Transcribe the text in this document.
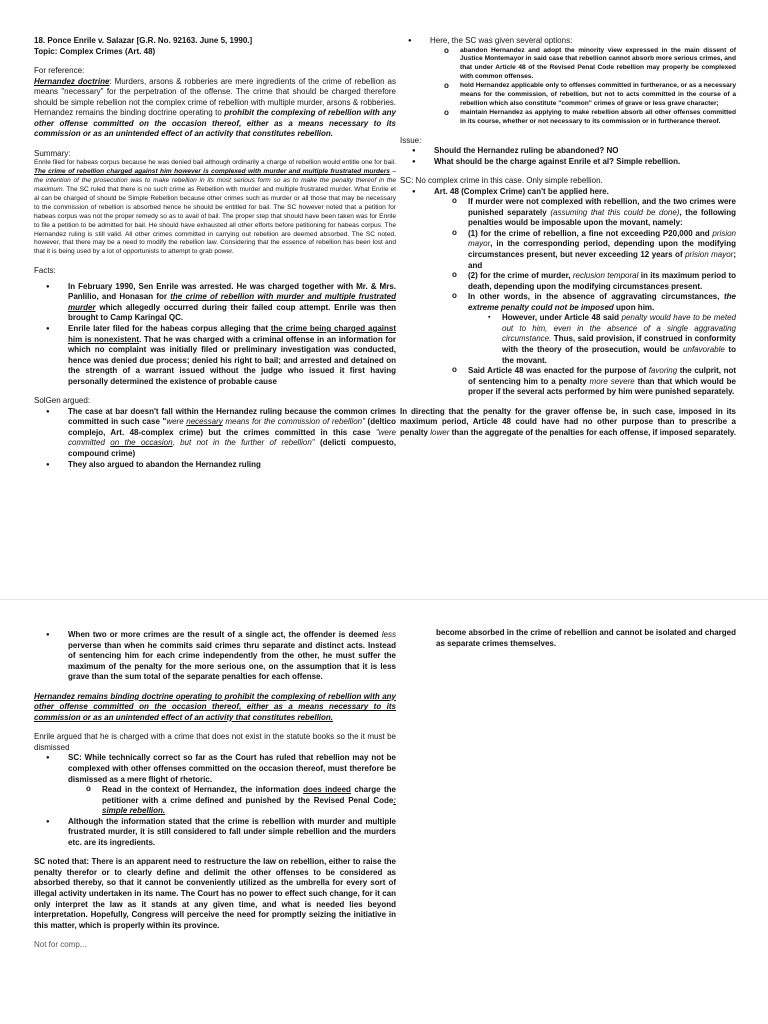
18. Ponce Enrile v. Salazar [G.R. No. 92163. June 5, 1990.]

Topic: Complex Crimes (Art. 48)

For reference:

Hernandez doctrine: Murders, arsons & robberies are mere ingredients of the crime of rebellion as means "necessary" for the perpetration of the offense. The crime that should be charged therefore should be simple rebellion not the complex crime of rebellion with multiple murder, arsons & robberies. Hernandez remains the binding doctrine operating to prohibit the complexing of rebellion with any other offense committed on the occasion thereof, either as a means necessary to its commission or as an unintended effect of an activity that constitutes rebellion.

Summary:

Enrile filed for habeas corpus because he was denied bail although ordinarily a charge of rebellion would entitle one for bail. The crime of rebellion charged against him however is complexed with murder and multiple frustrated murders – the intention of the prosecution was to make rebellion in its most serious form so as to make the penalty thereof in the maximum. The SC ruled that there is no such crime as Rebellion with murder and multiple frustrated murder. What Enrile et al can be charged of should be Simple Rebellion because other crimes such as murder or all those that may be necessary to the commission of rebellion is absorbed hence he should be entitled for bail. The SC however noted that a petition for habeas corpus was not the proper remedy so as to avail of bail. The proper step that should have been taken was for Enrile to file a petition to be admitted for bail. He should have exhausted all other efforts before petitioning for habeas corpus. The Hernandez ruling is still valid. All other crimes committed in carrying out rebellion are deemed absorbed. The SC noted, however, that there may be a need to modify the rebellion law. Considering that the essence of rebellion has been lost and that it is being used by a lot of opportunists to attempt to grab power.

Facts:

● In February 1990, Sen Enrile was arrested. He was charged together with Mr. & Mrs. Panlilio, and Honasan for the crime of rebellion with murder and multiple frustrated murder which allegedly occurred during their failed coup attempt. Enrile was then brought to Camp Karingal QC.
● Enrile later filed for the habeas corpus alleging that the crime being charged against him is nonexistent. That he was charged with a criminal offense in an information for which no complaint was initially filed or preliminary investigation was conducted, hence was denied due process; denied his right to bail; and arrested and detained on the strength of a warrant issued without the judge who issued it first having personally determined the existence of probable cause

SolGen argued:

● The case at bar doesn't fall within the Hernandez ruling because the common crimes committed in such case "were necessary means for the commission of rebellion" (deltico complejo, Art. 48-complex crime) but the crimes committed in this case "were committed on the occasion, but not in the further of rebellion" (delicti compuesto, compound crime)
● They also argued to abandon the Hernandez ruling
● Here, the SC was given several options:
o abandon Hernandez and adopt the minority view expressed in the main dissent of Justice Montemayor in said case that rebellion cannot absorb more serious crimes, and that under Article 48 of the Revised Penal Code rebellion may properly be complexed with common offenses.
o hold Hernandez applicable only to offenses committed in furtherance, or as a necessary means for the commission, of rebellion, but not to acts committed in the course of a rebellion which also constitute "common" crimes of grave or less grave character;
o maintain Hernandez as applying to make rebellion absorb all other offenses committed in its course, whether or not necessary to its commission or in furtherance thereof.

Issue:

● Should the Hernandez ruling be abandoned? NO
● What should be the charge against Enrile et al? Simple rebellion.

SC: No complex crime in this case. Only simple rebellion.

● Art. 48 (Complex Crime) can't be applied here.
o If murder were not complexed with rebellion, and the two crimes were punished separately (assuming that this could be done), the following penalties would be imposable upon the movant, namely:
o (1) for the crime of rebellion, a fine not exceeding P20,000 and prision mayor, in the corresponding period, depending upon the modifying circumstances present, but never exceeding 12 years of prision mayor; and
o (2) for the crime of murder, reclusion temporal in its maximum period to death, depending upon the modifying circumstances present.
o In other words, in the absence of aggravating circumstances, the extreme penalty could not be imposed upon him.
▪ However, under Article 48 said penalty would have to be meted out to him, even in the absence of a single aggravating circumstance. Thus, said provision, if construed in conformity with the theory of the prosecution, would be unfavorable to the movant.
o Said Article 48 was enacted for the purpose of favoring the culprit, not of sentencing him to a penalty more severe than that which would be proper if the several acts performed by him were punished separately.

In directing that the penalty for the graver offense be, in such case, imposed in its maximum period, Article 48 could have had no other purpose than to prescribe a penalty lower than the aggregate of the penalties for each offense, if imposed separately.

● When two or more crimes are the result of a single act, the offender is deemed less perverse than when he commits said crimes thru separate and distinct acts. Instead of sentencing him for each crime independently from the other, he must suffer the maximum of the penalty for the more serious one, on the assumption that it is less grave than the sum total of the separate penalties for each offense.

Hernandez remains binding doctrine operating to prohibit the complexing of rebellion with any other offense committed on the occasion thereof, either as a means necessary to its commission or as an unintended effect of an activity that constitutes rebellion.

Enrile argued that he is charged with a crime that does not exist in the statute books so the it must be dismissed

● SC: While technically correct so far as the Court has ruled that rebellion may not be complexed with other offenses committed on the occasion thereof, must therefore be dismissed as a mere flight of rhetoric.
o Read in the context of Hernandez, the information does indeed charge the petitioner with a crime defined and punished by the Revised Penal Code: simple rebellion.
● Although the information stated that the crime is rebellion with murder and multiple frustrated murder, it is still considered to fall under simple rebellion and the murders etc. are its ingredients.

SC noted that: There is an apparent need to restructure the law on rebellion, either to raise the penalty therefor or to clearly define and delimit the other offenses to be considered as absorbed thereby, so that it cannot be conveniently utilized as the umbrella for every sort of illegal activity undertaken in its name. The Court has no power to effect such change, for it can only interpret the law as it stands at any given time, and what is needed lies beyond interpretation. Hopefully, Congress will perceive the need for promptly seizing the initiative in this matter, which is properly within its province.

Not for comp...

become absorbed in the crime of rebellion and cannot be isolated and charged as separate crimes themselves.
